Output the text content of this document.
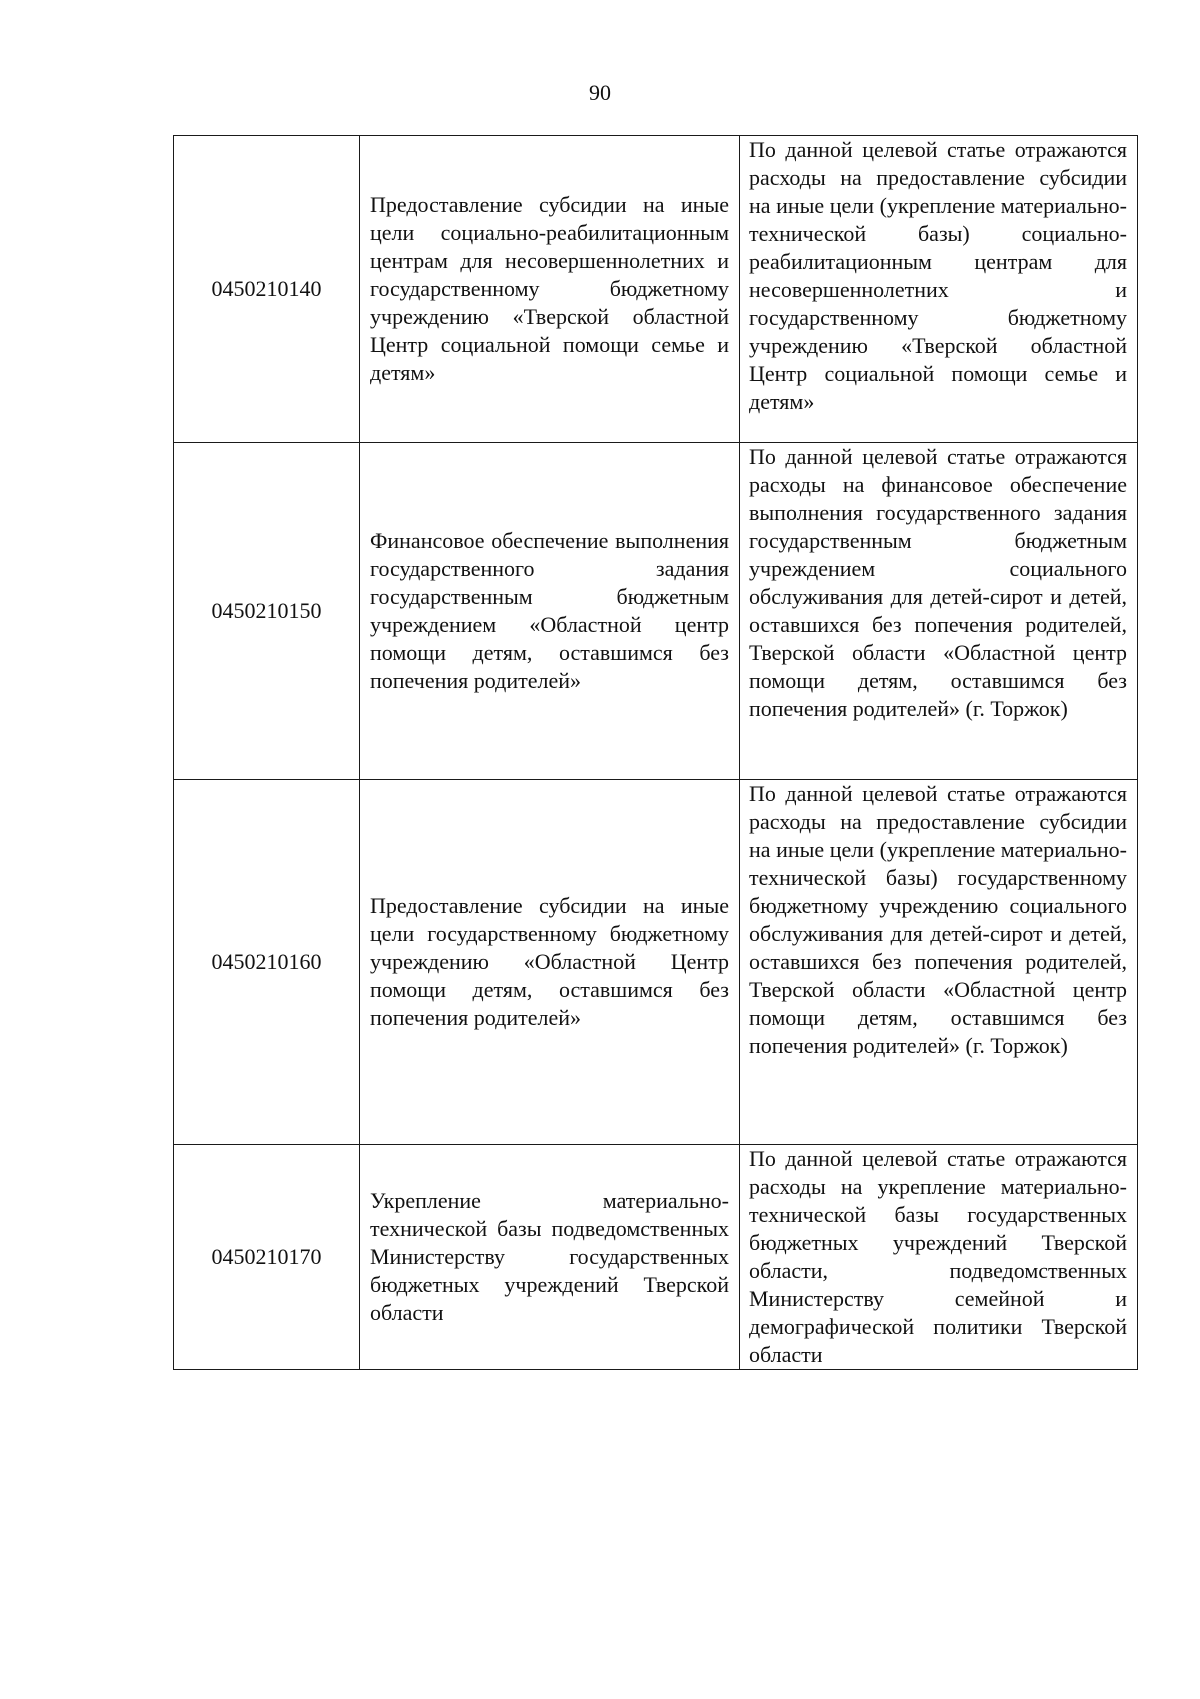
90
0450210140	Предоставление субсидии на иные цели социально-реабилитационным центрам для несовершеннолетних и государственному бюджетному учреждению «Тверской областной Центр социальной помощи семье и детям»	По данной целевой статье отражаются расходы на предоставление субсидии на иные цели (укрепление материально-технической базы) социально-реабилитационным центрам для несовершеннолетних и государственному бюджетному учреждению «Тверской областной Центр социальной помощи семье и детям»
0450210150	Финансовое обеспечение выполнения государственного задания государственным бюджетным учреждением «Областной центр помощи детям, оставшимся без попечения родителей»	По данной целевой статье отражаются расходы на финансовое обеспечение выполнения государственного задания государственным бюджетным учреждением социального обслуживания для детей-сирот и детей, оставшихся без попечения родителей, Тверской области «Областной центр помощи детям, оставшимся без попечения родителей» (г. Торжок)
0450210160	Предоставление субсидии на иные цели государственному бюджетному учреждению «Областной Центр помощи детям, оставшимся без попечения родителей»	По данной целевой статье отражаются расходы на предоставление субсидии на иные цели (укрепление материально-технической базы) государственному бюджетному учреждению социального обслуживания для детей-сирот и детей, оставшихся без попечения родителей, Тверской области «Областной центр помощи детям, оставшимся без попечения родителей» (г. Торжок)
0450210170	Укрепление материально-технической базы подведомственных Министерству государственных бюджетных учреждений Тверской области	По данной целевой статье отражаются расходы на укрепление материально-технической базы государственных бюджетных учреждений Тверской области, подведомственных Министерству семейной и демографической политики Тверской области
